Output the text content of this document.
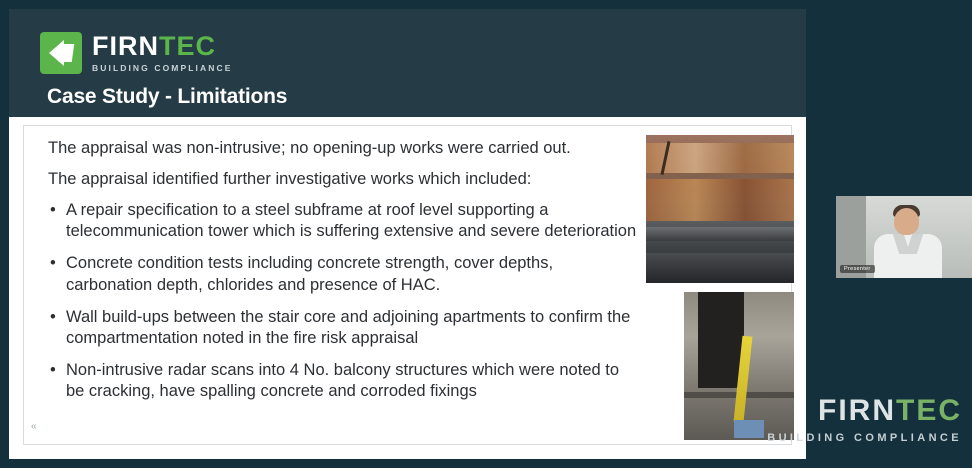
FIRNTEC
BUILDING COMPLIANCE
Case Study - Limitations

The appraisal was non-intrusive; no opening-up works were carried out.

The appraisal identified further investigative works which included:

• A repair specification to a steel subframe at roof level supporting a telecommunication tower which is suffering extensive and severe deterioration
• Concrete condition tests including concrete strength, cover depths, carbonation depth, chlorides and presence of HAC.
• Wall build-ups between the stair core and adjoining apartments to confirm the compartmentation noted in the fire risk appraisal
• Non-intrusive radar scans into 4 No. balcony structures which were noted to be cracking, have spalling concrete and corroded fixings
«
Presenter
FIRNTEC
BUILDING COMPLIANCE
